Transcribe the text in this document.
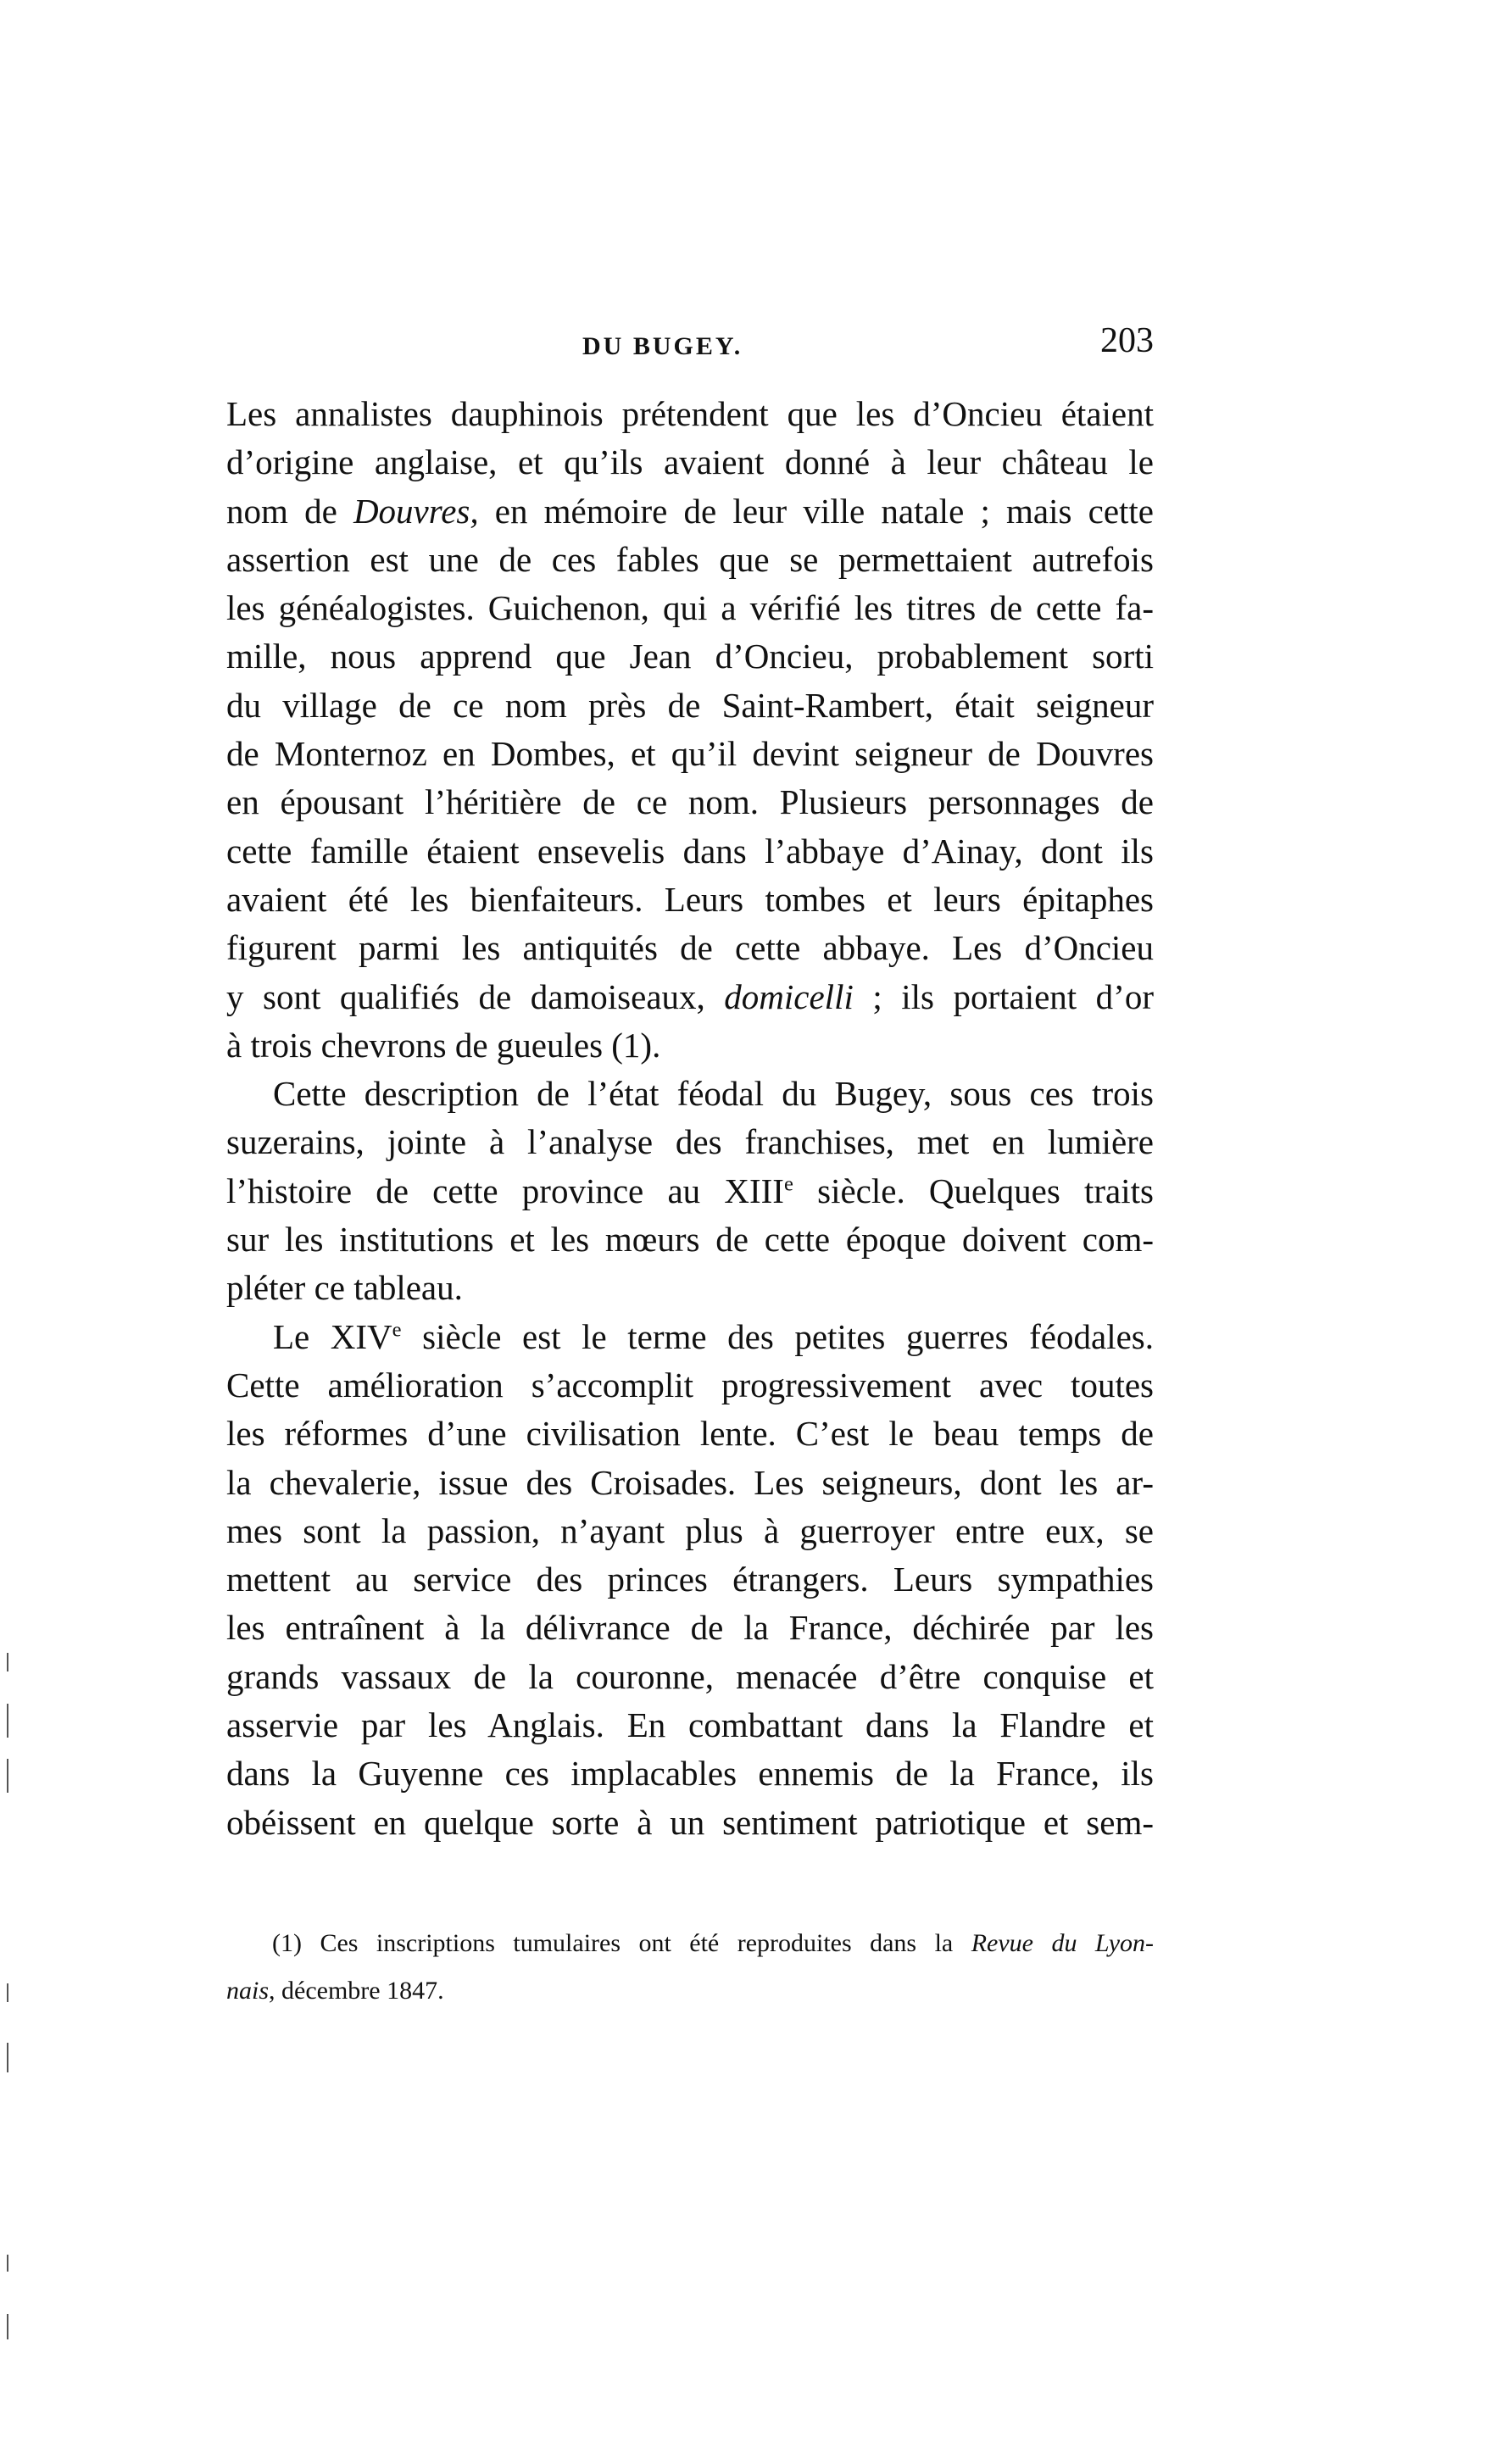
DU BUGEY.	203
Les annalistes dauphinois prétendent que les d’Oncieu étaient
d’origine anglaise, et qu’ils avaient donné à leur château le
nom de Douvres, en mémoire de leur ville natale ; mais cette
assertion est une de ces fables que se permettaient autrefois
les généalogistes. Guichenon, qui a vérifié les titres de cette fa-
mille, nous apprend que Jean d’Oncieu, probablement sorti
du village de ce nom près de Saint-Rambert, était seigneur
de Monternoz en Dombes, et qu’il devint seigneur de Douvres
en épousant l’héritière de ce nom. Plusieurs personnages de
cette famille étaient ensevelis dans l’abbaye d’Ainay, dont ils
avaient été les bienfaiteurs. Leurs tombes et leurs épitaphes
figurent parmi les antiquités de cette abbaye. Les d’Oncieu
y sont qualifiés de damoiseaux, domicelli ; ils portaient d’or
à trois chevrons de gueules (1).
Cette description de l’état féodal du Bugey, sous ces trois
suzerains, jointe à l’analyse des franchises, met en lumière
l’histoire de cette province au XIIIe siècle. Quelques traits
sur les institutions et les mœurs de cette époque doivent com-
pléter ce tableau.
Le XIVe siècle est le terme des petites guerres féodales.
Cette amélioration s’accomplit progressivement avec toutes
les réformes d’une civilisation lente. C’est le beau temps de
la chevalerie, issue des Croisades. Les seigneurs, dont les ar-
mes sont la passion, n’ayant plus à guerroyer entre eux, se
mettent au service des princes étrangers. Leurs sympathies
les entraînent à la délivrance de la France, déchirée par les
grands vassaux de la couronne, menacée d’être conquise et
asservie par les Anglais. En combattant dans la Flandre et
dans la Guyenne ces implacables ennemis de la France, ils
obéissent en quelque sorte à un sentiment patriotique et sem-
(1) Ces inscriptions tumulaires ont été reproduites dans la Revue du Lyon-
nais, décembre 1847.
